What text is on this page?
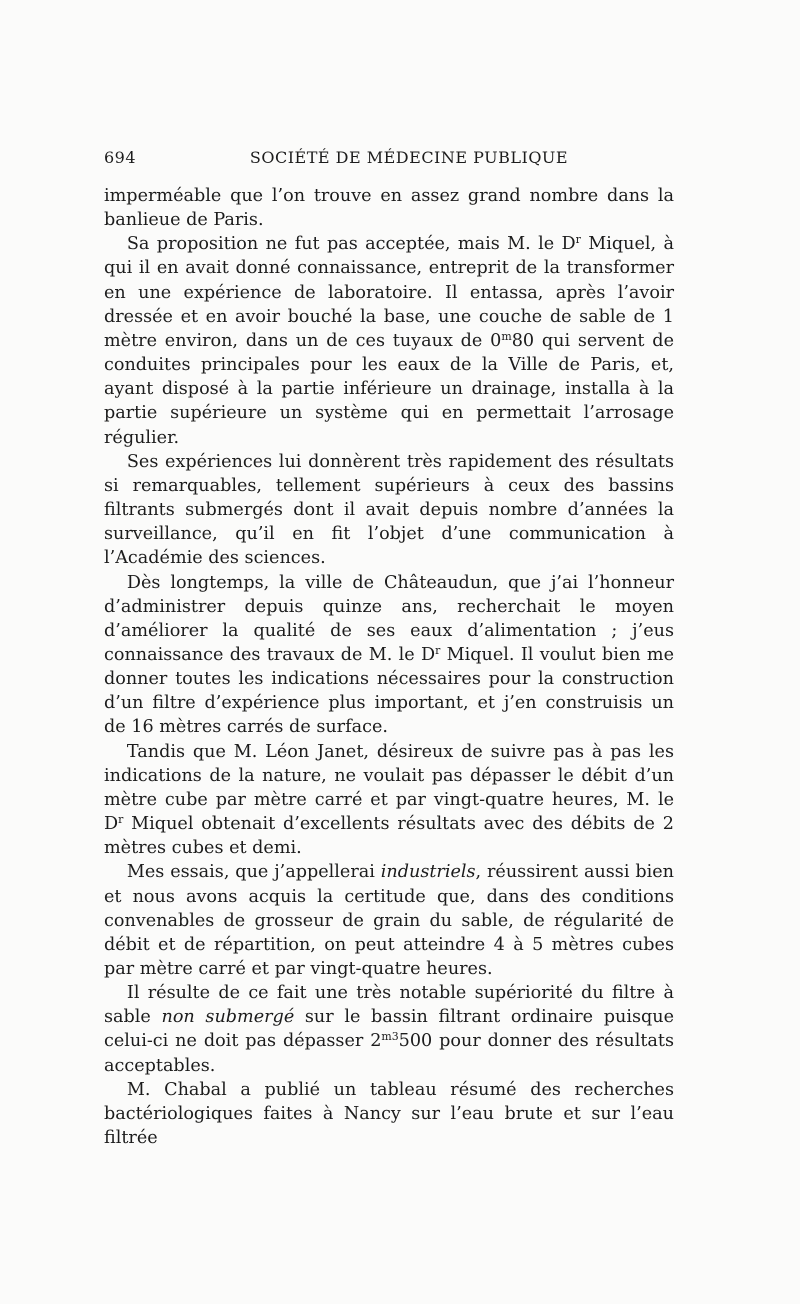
694	SOCIÉTÉ DE MÉDECINE PUBLIQUE

imperméable que l’on trouve en assez grand nombre dans la banlieue de Paris.

Sa proposition ne fut pas acceptée, mais M. le $D^r$ Miquel, à qui il en avait donné connaissance, entreprit de la transformer en une expérience de laboratoire. Il entassa, après l’avoir dressée et en avoir bouché la base, une couche de sable de 1 mètre environ, dans un de ces tuyaux de 0$^m$80 qui servent de conduites principales pour les eaux de la Ville de Paris, et, ayant disposé à la partie inférieure un drainage, installa à la partie supérieure un système qui en permettait l’arrosage régulier.

Ses expériences lui donnèrent très rapidement des résultats si remarquables, tellement supérieurs à ceux des bassins filtrants submergés dont il avait depuis nombre d’années la surveillance, qu’il en fit l’objet d’une communication à l’Académie des sciences.

Dès longtemps, la ville de Châteaudun, que j’ai l’honneur d’administrer depuis quinze ans, recherchait le moyen d’améliorer la qualité de ses eaux d’alimentation ; j’eus connaissance des travaux de M. le $D^r$ Miquel. Il voulut bien me donner toutes les indications nécessaires pour la construction d’un filtre d’expérience plus important, et j’en construisis un de 16 mètres carrés de surface.

Tandis que M. Léon Janet, désireux de suivre pas à pas les indications de la nature, ne voulait pas dépasser le débit d’un mètre cube par mètre carré et par vingt-quatre heures, M. le $D^r$ Miquel obtenait d’excellents résultats avec des débits de 2 mètres cubes et demi.

Mes essais, que j’appellerai industriels, réussirent aussi bien et nous avons acquis la certitude que, dans des conditions convenables de grosseur de grain du sable, de régularité de débit et de répartition, on peut atteindre 4 à 5 mètres cubes par mètre carré et par vingt-quatre heures.

Il résulte de ce fait une très notable supériorité du filtre à sable non submergé sur le bassin filtrant ordinaire puisque celui-ci ne doit pas dépasser $2^{m3}500$ pour donner des résultats acceptables.

M. Chabal a publié un tableau résumé des recherches bactériologiques faites à Nancy sur l’eau brute et sur l’eau filtrée
